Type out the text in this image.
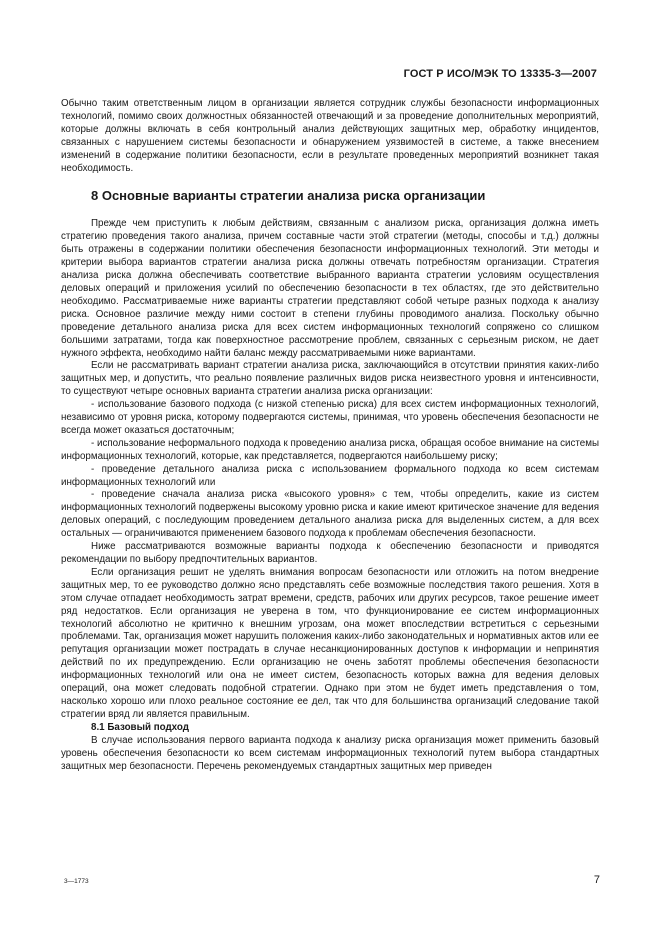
ГОСТ Р ИСО/МЭК ТО 13335-3—2007

Обычно таким ответственным лицом в организации является сотрудник службы безопасности информационных технологий, помимо своих должностных обязанностей отвечающий и за проведение дополнительных мероприятий, которые должны включать в себя контрольный анализ действующих защитных мер, обработку инцидентов, связанных с нарушением системы безопасности и обнаружением уязвимостей в системе, а также внесением изменений в содержание политики безопасности, если в результате проведенных мероприятий возникнет такая необходимость.

8 Основные варианты стратегии анализа риска организации

Прежде чем приступить к любым действиям, связанным с анализом риска, организация должна иметь стратегию проведения такого анализа, причем составные части этой стратегии (методы, способы и т.д.) должны быть отражены в содержании политики обеспечения безопасности информационных технологий. Эти методы и критерии выбора вариантов стратегии анализа риска должны отвечать потребностям организации. Стратегия анализа риска должна обеспечивать соответствие выбранного варианта стратегии условиям осуществления деловых операций и приложения усилий по обеспечению безопасности в тех областях, где это действительно необходимо. Рассматриваемые ниже варианты стратегии представляют собой четыре разных подхода к анализу риска. Основное различие между ними состоит в степени глубины проводимого анализа. Поскольку обычно проведение детального анализа риска для всех систем информационных технологий сопряжено со слишком большими затратами, тогда как поверхностное рассмотрение проблем, связанных с серьезным риском, не дает нужного эффекта, необходимо найти баланс между рассматриваемыми ниже вариантами.

Если не рассматривать вариант стратегии анализа риска, заключающийся в отсутствии принятия каких-либо защитных мер, и допустить, что реально появление различных видов риска неизвестного уровня и интенсивности, то существуют четыре основных варианта стратегии анализа риска организации:

- использование базового подхода (с низкой степенью риска) для всех систем информационных технологий, независимо от уровня риска, которому подвергаются системы, принимая, что уровень обеспечения безопасности не всегда может оказаться достаточным;

- использование неформального подхода к проведению анализа риска, обращая особое внимание на системы информационных технологий, которые, как представляется, подвергаются наибольшему риску;

- проведение детального анализа риска с использованием формального подхода ко всем системам информационных технологий или

- проведение сначала анализа риска «высокого уровня» с тем, чтобы определить, какие из систем информационных технологий подвержены высокому уровню риска и какие имеют критическое значение для ведения деловых операций, с последующим проведением детального анализа риска для выделенных систем, а для всех остальных — ограничиваются применением базового подхода к проблемам обеспечения безопасности.

Ниже рассматриваются возможные варианты подхода к обеспечению безопасности и приводятся рекомендации по выбору предпочтительных вариантов.

Если организация решит не уделять внимания вопросам безопасности или отложить на потом внедрение защитных мер, то ее руководство должно ясно представлять себе возможные последствия такого решения. Хотя в этом случае отпадает необходимость затрат времени, средств, рабочих или других ресурсов, такое решение имеет ряд недостатков. Если организация не уверена в том, что функционирование ее систем информационных технологий абсолютно не критично к внешним угрозам, она может впоследствии встретиться с серьезными проблемами. Так, организация может нарушить положения каких-либо законодательных и нормативных актов или ее репутация организации может пострадать в случае несанкционированных доступов к информации и непринятия действий по их предупреждению. Если организацию не очень заботят проблемы обеспечения безопасности информационных технологий или она не имеет систем, безопасность которых важна для ведения деловых операций, она может следовать подобной стратегии. Однако при этом не будет иметь представления о том, насколько хорошо или плохо реальное состояние ее дел, так что для большинства организаций следование такой стратегии вряд ли является правильным.

8.1 Базовый подход

В случае использования первого варианта подхода к анализу риска организация может применить базовый уровень обеспечения безопасности ко всем системам информационных технологий путем выбора стандартных защитных мер безопасности. Перечень рекомендуемых стандартных защитных мер приведен

3—1773	7
